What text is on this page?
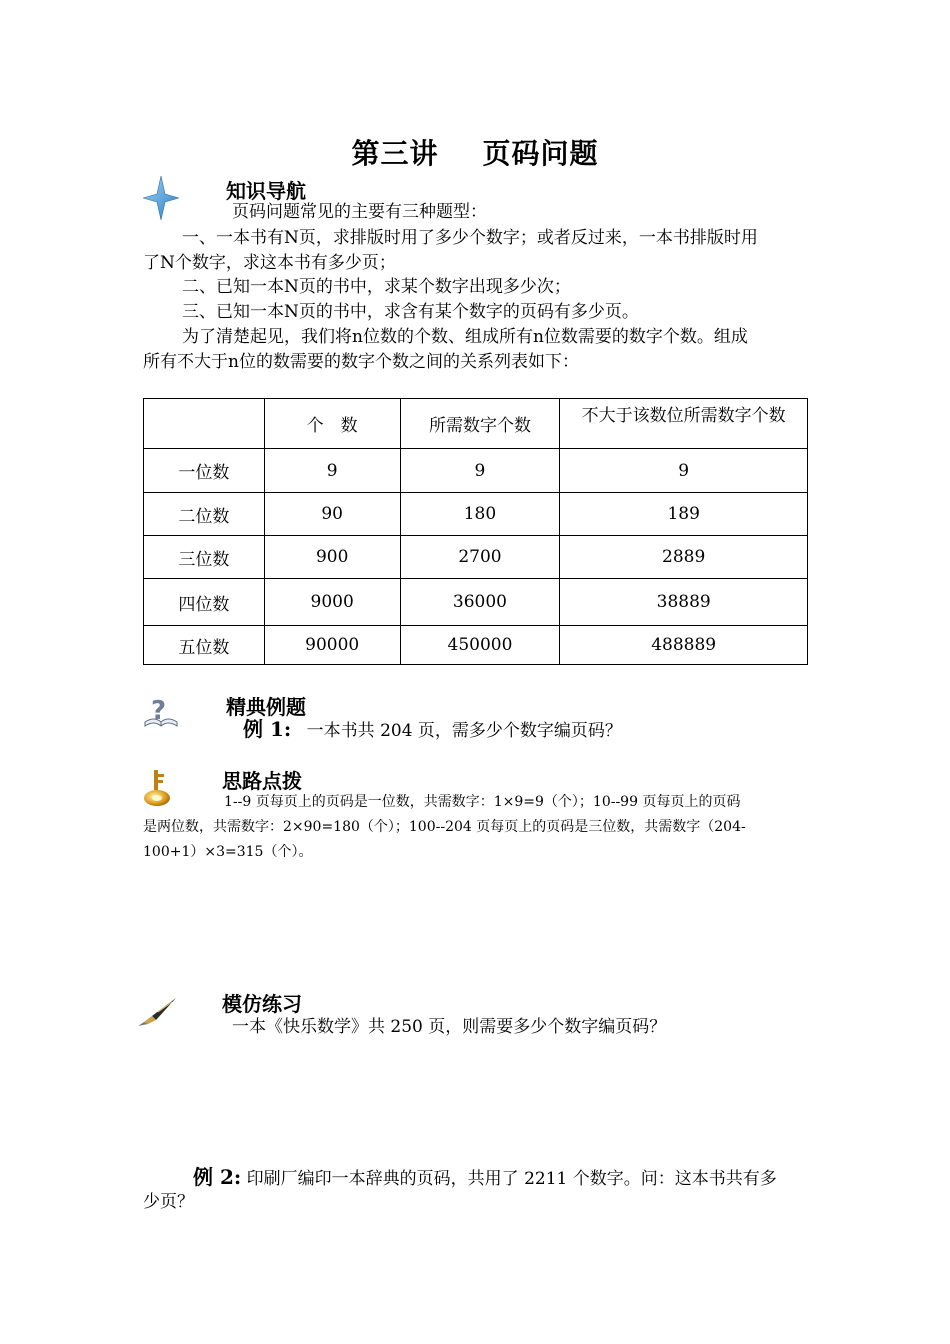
第三讲 页码问题
知识导航
页码问题常见的主要有三种题型：
一、一本书有N页，求排版时用了多少个数字；或者反过来，一本书排版时用
了N个数字，求这本书有多少页；
二、已知一本N页的书中，求某个数字出现多少次；
三、已知一本N页的书中，求含有某个数字的页码有多少页。
为了清楚起见，我们将n位数的个数、组成所有n位数需要的数字个数。组成
所有不大于n位的数需要的数字个数之间的关系列表如下：
	个　数	所需数字个数	不大于该数位所需数字个数
一位数	9	9	9
二位数	90	180	189
三位数	900	2700	2889
四位数	9000	36000	38889
五位数	90000	450000	488889
?	精典例题
例 1: 一本书共 204 页，需多少个数字编页码？
思路点拨
1--9 页每页上的页码是一位数，共需数字：1×9=9（个）；10--99 页每页上的页码
是两位数，共需数字：2×90=180（个）；100--204 页每页上的页码是三位数，共需数字（204-
100+1）×3=315（个）。
模仿练习
一本《快乐数学》共 250 页，则需要多少个数字编页码？
例 2: 印刷厂编印一本辞典的页码，共用了 2211 个数字。问：这本书共有多
少页？
